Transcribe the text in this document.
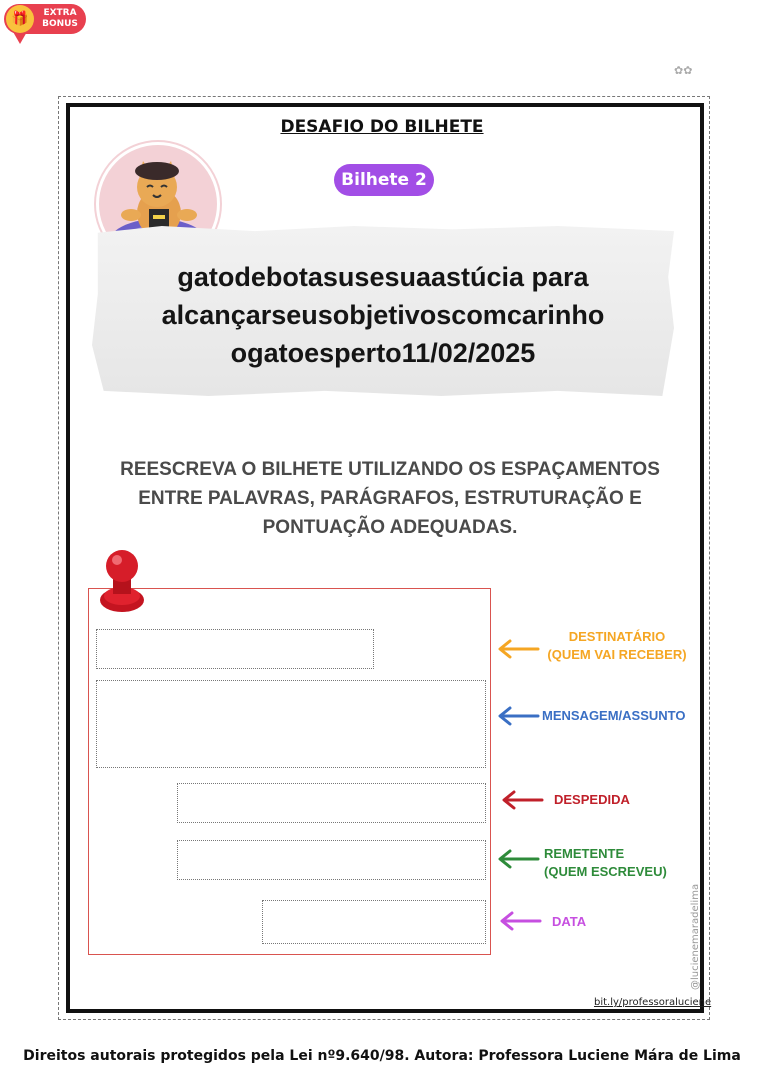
🎁	EXTRA
BONUS
✿✿
DESAFIO DO BILHETE
Bilhete 2
gatodebotasusesuaastúcia para
alcançarseusobjetivoscomcarinho
ogatoesperto11/02/2025
REESCREVA O BILHETE UTILIZANDO OS ESPAÇAMENTOS
ENTRE PALAVRAS, PARÁGRAFOS, ESTRUTURAÇÃO E
PONTUAÇÃO ADEQUADAS.
DESTINATÁRIO
(QUEM VAI RECEBER)
MENSAGEM/ASSUNTO
DESPEDIDA
REMETENTE
(QUEM ESCREVEU)
DATA	@lucienemaradelima
bit.ly/professoraluciene
Direitos autorais protegidos pela Lei nº9.640/98. Autora: Professora Luciene Mára de Lima
